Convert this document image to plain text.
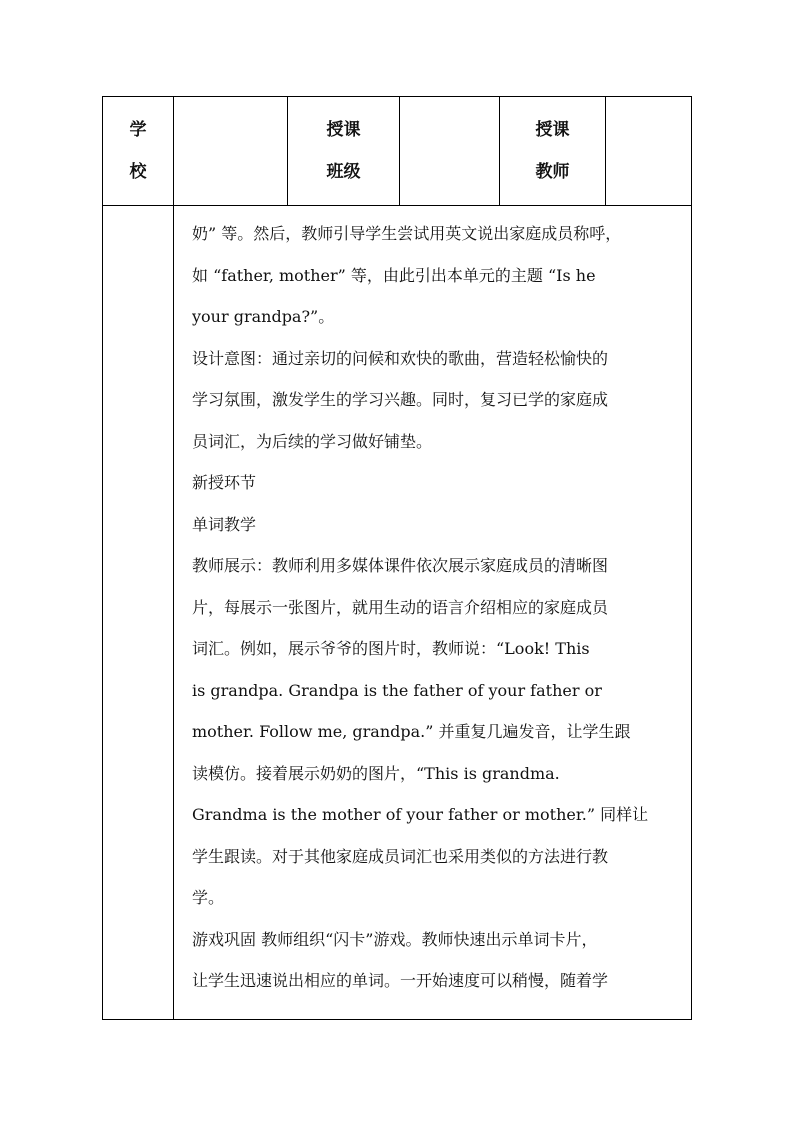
学
校
授课
班级
授课
教师

奶” 等。然后，教师引导学生尝试用英文说出家庭成员称呼，

如 “father, mother” 等，由此引出本单元的主题 “Is he

your grandpa?”。

设计意图：通过亲切的问候和欢快的歌曲，营造轻松愉快的

学习氛围，激发学生的学习兴趣。同时，复习已学的家庭成

员词汇，为后续的学习做好铺垫。

新授环节

单词教学

教师展示：教师利用多媒体课件依次展示家庭成员的清晰图

片，每展示一张图片，就用生动的语言介绍相应的家庭成员

词汇。例如，展示爷爷的图片时，教师说：“Look! This

is grandpa. Grandpa is the father of your father or

mother. Follow me, grandpa.” 并重复几遍发音，让学生跟

读模仿。接着展示奶奶的图片，“This is grandma.

Grandma is the mother of your father or mother.” 同样让

学生跟读。对于其他家庭成员词汇也采用类似的方法进行教

学。

游戏巩固 教师组织“闪卡”游戏。教师快速出示单词卡片，

让学生迅速说出相应的单词。一开始速度可以稍慢，随着学
